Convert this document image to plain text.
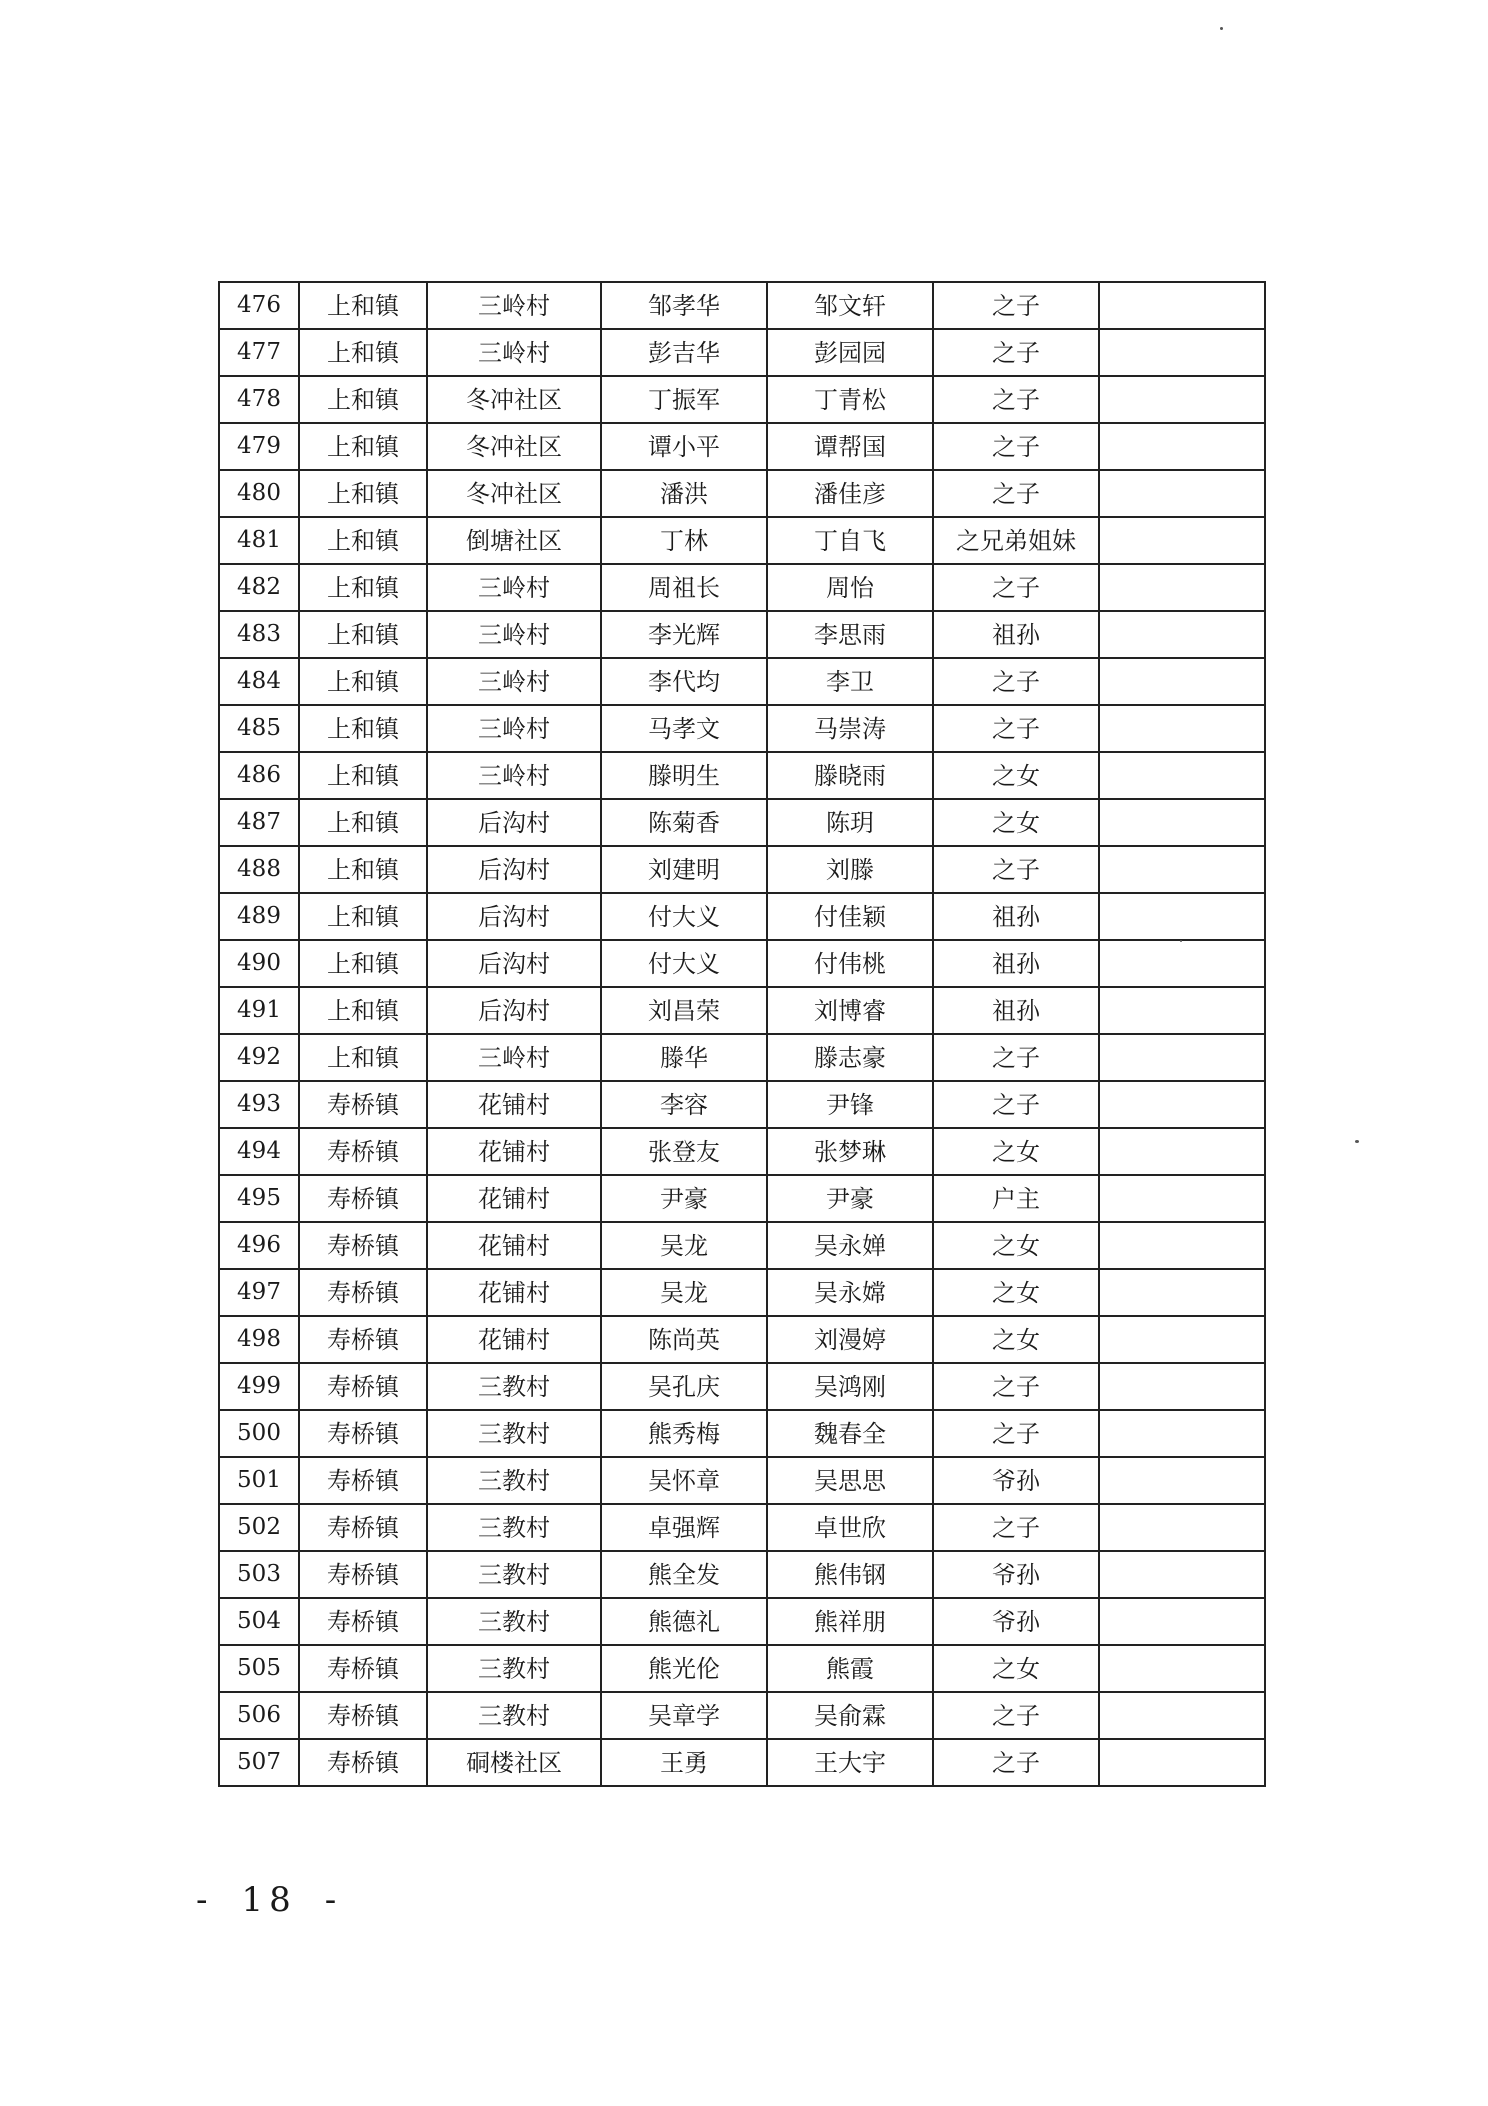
476	上和镇	三岭村	邹孝华	邹文轩	之子	
477	上和镇	三岭村	彭吉华	彭园园	之子	
478	上和镇	冬冲社区	丁振军	丁青松	之子	
479	上和镇	冬冲社区	谭小平	谭帮国	之子	
480	上和镇	冬冲社区	潘洪	潘佳彦	之子	
481	上和镇	倒塘社区	丁林	丁自飞	之兄弟姐妹	
482	上和镇	三岭村	周祖长	周怡	之子	
483	上和镇	三岭村	李光辉	李思雨	祖孙	
484	上和镇	三岭村	李代均	李卫	之子	
485	上和镇	三岭村	马孝文	马崇涛	之子	
486	上和镇	三岭村	滕明生	滕晓雨	之女	
487	上和镇	后沟村	陈菊香	陈玥	之女	
488	上和镇	后沟村	刘建明	刘滕	之子	
489	上和镇	后沟村	付大义	付佳颖	祖孙	
490	上和镇	后沟村	付大义	付伟桃	祖孙	
491	上和镇	后沟村	刘昌荣	刘博睿	祖孙	
492	上和镇	三岭村	滕华	滕志豪	之子	
493	寿桥镇	花铺村	李容	尹锋	之子	
494	寿桥镇	花铺村	张登友	张梦琳	之女	
495	寿桥镇	花铺村	尹豪	尹豪	户主	
496	寿桥镇	花铺村	吴龙	吴永婵	之女	
497	寿桥镇	花铺村	吴龙	吴永嫦	之女	
498	寿桥镇	花铺村	陈尚英	刘漫婷	之女	
499	寿桥镇	三教村	吴孔庆	吴鸿刚	之子	
500	寿桥镇	三教村	熊秀梅	魏春全	之子	
501	寿桥镇	三教村	吴怀章	吴思思	爷孙	
502	寿桥镇	三教村	卓强辉	卓世欣	之子	
503	寿桥镇	三教村	熊全发	熊伟钢	爷孙	
504	寿桥镇	三教村	熊德礼	熊祥朋	爷孙	
505	寿桥镇	三教村	熊光伦	熊霞	之女	
506	寿桥镇	三教村	吴章学	吴俞霖	之子	
507	寿桥镇	硐楼社区	王勇	王大宇	之子	
- 18 -
